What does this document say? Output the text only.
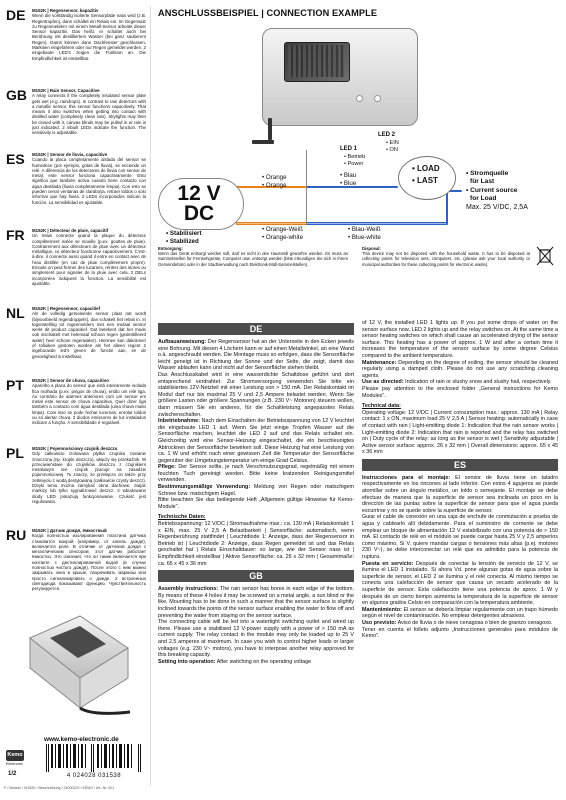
DE M152K | Regensensor, kapazitiv
Wenn die vollständig isolierte Sensorplatte nass wird (z.B. Regentropfen), dann schaltet ein Relais ein. Im Gegensatz zu Regenmeldern mit einem Metall-Sensor arbeitet dieser Sensor kapazitiv. Das heißt, er schaltet auch bei Berührung mit destilliertem Wasser (bei ganz sauberem Regen). Damit können dann Dachfenster geschlossen, Markisen eingefahren oder nur Regen gemeldet werden. 2 eingebaute LED's zeigen die Funktion an. Die Empfindlichkeit ist einstellbar.
GB M152K | Rain Sensor, Capacitive
A relay connects if the completely insulated sensor plate gets wet (e.g. raindrops). In contrast to rain detectors with a metallic sensor, this sensor functions capacitively. That means it also switches when getting into contact with distilled water (completely clean rain). Skylights may then be closed with it, canvas blinds may be pulled in or rain is just indicated. 2 inbuilt LEDs indicate the function. The sensitivity is adjustable.
ES M152K | Sensor de lluvia, capacitive
Cuando la placa completamente aislada del sensor se humedece (por ejemplo, gotas de lluvia), se enciende un relé. A diferencia de los detectores de lluvia con sensor de metal, este sensor funciona capacitivamente. Esto significa que también activa cuando tiene contacto con agua destilada (lluvia completamente limpia). Con esto se pueden cerrar ventanas de claraboya, retraer toldos o solo informar que hay lluvia. 2 LEDs incorporados indican la función. La sensibilidad es ajustable.
FR M152K | Détecteur de pluie, capacitif
Un relais connecte quand la plaque du détecteur complètement isolée se mouille (p.ex. gouttes de pluie). Contrairement aux détecteurs de pluie avec un détecteur métallique, ce détecteur fonctionne capacitivement. C'est-à-dire, il connecte aussi quand il entre en contact avec de l'eau distillée (en cas de pluie complètement propre). Ensuite on peut fermer des lucarnes, rentrer des stores ou simplement pour signaler de la pluie avec cela. 2 DELs incorporées indiquent la fonction. La sensibilité est ajustable.
NL M152K | Regensensor, capacitief
Als de volledig geïsoleerde sensor plaat nat wordt (bijvoorbeeld regendruppels), dan schakelt het relais in. In tegenstelling tot regenmelders met een metaal sensor werkt dit product capacitief. Dat betekent dat het mede ook inschakelt met helemaal schoon regen (gedestilleerd water) heel schoon regenwater). Hiermee kan dakramen of rolluiken gesloten worden als het alleen regent 2 ingebouwde led's geven de functie aan, en de gevoeligheid is instelbaar.
PT M152K | Sensor de chuva, capacitivo
Aparelho a placa do sensor que está inteiramente isolada fica molhada (p.ex. pingos de chuva), então um relé liga. Ao contrário de alarmes anteriores com um sensor em metal este sensor de chuva capacitiva. Quer dizer liga também a contacto com água destilada (uma chuva muito limpa). Com isso se pode fechar lucernas, enrolar toldos ou só alertar chuva. 2 diodos emissores de luz instalados indicam a função. A sensibilidade é regulável.
PL M152K | Pojemnościowy czujnik deszczu
Gdy całkowicie izolowana płytka czujnika zostanie zmoczona (np. krople deszczu), włączy się przekaźnik. W przeciwieństwie do czujników deszczu z czujnikiem metalowym ten czujnik pracuje na zasadzie pojemnościowej. To znaczy, że przełącza on także przy zetknięciu z wodą destylowaną (całkowicie czysty deszcz). Dzięki temu można zamykać okna dachowe, zwijać markizy lub tylko sygnalizować deszcz. 2 wbudowane diody LED pokazują funkcjonowanie. Czułość jest regulowana.
RU M152K | Датчик дождя, ёмкостный
Когда полностью изолированная пластина датчика становится мокрой (например, от капель дождя), включается реле. В отличие от датчиков дождя с металлическим сенсором, этот датчик работает ёмкостно. Это означает, что он также включается при контакте с дистиллированной водой (в случае полностью чистого дождя). После этого с ним можно закрывать окна в крыше, сворачивать маркизы или просто сигнализировать о дожде. 2 встроенных светодиода показывают функцию. Чувствительность регулируется.
ANSCHLUSSBEISPIEL | CONNECTION EXAMPLE
LED 2
• EIN
• ON
LED 1
• Betrieb
• Power
12 V
DC
• Stabilisiert
• Stabilized
• Orange
• Orange
• Orange-Weiß
• Orange-white
• Blau
• Blue
• Blau-Weiß
• Blue-white
• LOAD
• LAST
• Stromquelle
für Last
• Current source
for Load
Max. 25 V/DC, 2,5A
Entsorgung:
Wenn das Gerät entsorgt werden soll, darf es nicht in den Hausmüll geworfen werden. Es muss an Sammelstellen für Fernsehgeräte, Computer usw. entsorgt werden (bitte erkundigen Sie sich in Ihrem Gemeindebüro oder in der Stadtverwaltung nach Elektronik-Müll-Sammelstellen).
Disposal:
This device may not be disposed with the household waste. It has to be disposed at collecting points for television sets, computers, etc. (please ask your local authority or municipal authorities for these collecting points for electronic waste).
DE

Aufbauanweisung: Der Regensensor hat an der Unterseite in den Ecken jeweils eine Bohrung. Mit diesen 4 Löchern kann er auf einen Metallwinkel, an eine Wand o.ä. angeschraubt werden. Die Montage muss so erfolgen, dass die Sensorfläche leicht geneigt ist in Richtung der Sonne und der Seite, die zeigt, damit das Wasser ablaufen kann und nicht auf der Sensorfläche stehen bleibt.

Das Anschlusskabel wird in eine wasserdichte Schaltdose geführt und dort entsprechend verdrahtet. Zur Stromversorgung verwenden Sie bitte ein stabilisiertes 12V-Netzteil mit einer Leistung von > 150 mA. Der Relaiskontakt im Modul darf nur bis maximal 25 V und 2,5 Ampere belastet werden. Wenn Sie größere Lasten oder größere Spannungen (z.B. 230 V~ Motoren) steuern wollen, dann müssen Sie ein anderes, für die Schaltleistung angepasstes Relais zwischenschalten.

Inbetriebnahme: Nach dem Einschalten der Betriebsspannung von 12 V leuchtet die eingebaute LED 1 auf. Wenn Sie jetzt einige Tropfen Wasser auf die Sensorfläche machen, leuchtet die LED 2 auf und das Relais schaltet ein. Gleichzeitig wird eine Sensor-Heizung eingeschaltet, die ein beschleunigtes Abtrocknen der Sensorfläche bewirken soll. Diese Heizung hat eine Leistung von ca. 1 W und erhöht nach einer gewissen Zeit die Temperatur der Sensorfläche gegenüber der Umgebungstemperatur um einige Grad Celsius.

Pflege: Der Sensor sollte, je nach Verschmutzungsgrad, regelmäßig mit einem feuchten Tuch gereinigt werden. Bitte keine kratzenden Reinigungsmittel verwenden.

Bestimmungsmäßige Verwendung: Meldung von Regen oder matschigem Schnee bzw. matschigem Hagel.

Bitte beachten Sie das beiliegende Heft „Allgemein gültige Hinweise für Kemo-Module".

Technische Daten:

Betriebsspannung: 12 V/DC | Stromaufnahme max.: ca. 130 mA | Relaiskontakt: 1 x EIN, max. 25 V 2,5 A Belastbarkeit | Sensorfläche: automatisch, wenn Regenberührung stattfindet | Leuchtdiode 1: Anzeige, dass der Regensensor in Betrieb ist | Leuchtdiode 2: Anzeige, dass Regen gemeldet ist und das Relais geschaltet hat | Relais Einschaltdauer: so lange, wie der Sensor nass ist | Empfindlichkeit einstellbar | Aktive Sensorfläche: ca. 26 x 32 mm | Gesamtmaße: ca. 65 x 45 x 36 mm

GB

Assembly instructions: The rain sensor has bores in each edge of the bottom. By means of these 4 holes it may be screwed on a metal angle, a sun blind or the like. Mounting has to be done in such a manner that the sensor surface is slightly inclined towards the points of the sensor surface enabling the water to flow off and preventing the water from staying on the sensor surface.

The connecting cable will be led into a watertight switching outlet and wired up there. Please use a stabilised 12 V-power supply with a power of > 150 mA as current supply. The relay contact in the module may only be loaded up to 25 V and 2,5 amperes at maximum. In case you wish to control higher loads or larger voltages (e.g. 230 V~ motors), you have to interpose another relay approved for this breaking capacity.

Setting into operation: After switching on the operating voltage

of 12 V, the installed LED 1 lights up. If you put some drops of water on the sensor surface now, LED 2 lights up and the relay switches on. At the same time a sensor heating switches on which shall cause an accelerated drying of the sensor surface. This heating has a power of approx. 1 W and after a certain time it increases the temperature of the sensor surface by some degree Celsius compared to the ambient temperature.

Maintenance: Depending on the degree of soiling, the sensor should be cleaned regularly using a damped cloth. Please do not use any scratching cleaning agents.

Use as directed: Indication of rain or slushy snow and slushy hail, respectively.

Please pay attention to the enclosed folder „General instructions for Kemo Modules".

Technical data:

Operating voltage: 12 V/DC | Current consumption max.: approx. 130 mA | Relay contact: 1 x ON, maximum load 25 V 2,5 A | Sensor heating: automatically in case of contact with rain | Light-emitting diode 1: Indication that the rain sensor works | Light-emitting diode 2: Indication that rain is reported and the relay has switched on | Duty cycle of the relay: as long as the sensor is wet | Sensitivity adjustable | Active sensor surface: approx. 26 x 32 mm | Overall dimensions: approx. 65 x 45 x 36 mm

ES

Instrucciones para el montaje: El sensor de lluvia tiene un taladro respectivamente en los rincones al lado inferior. Con estos 4 agujeros se puede atornillar sobre un ángulo metálico, un toldo o semejante. El montaje se debe efectuar de manera que la superficie de sensor sea inclinada un poco en la dirección de las puntas sobre la superficie de sensor para que el agua pueda escurrirse y no se quede sobre la superficie de sensor.

Guiar el cable de conexión en una caja de enchufe de conmutación a prueba de agua y cablearlo allí debidamente. Para el suministro de corriente se debe emplear un bloque de alimentación 12 V estabilizado con una potencia de > 150 mA. El contacto de relé en el módulo se puede cargar hasta 25 V y 2,5 amperios como máximo. Si V. quiere mandar cargas o tensiones más altas (p.ej. motores 230 V~), se debe interconectar un relé que es admitido para la potencia de ruptura.

Puesta en servicio: Después de conectar la tensión de servicio de 12 V, se ilumina el LED 1 instalado. Si ahora Vd. pone algunas gotas de agua sobre la superficie de sensor, el LED 2 se ilumina y el relé conecta. Al mismo tiempo se conecta una calefacción de sensor que causa un secado acelerado de la superficie de sensor. Esta calefacción tiene una potencia de aprox. 1 W y después de un cierto tiempo aumenta la temperatura de la superficie de sensor en algunos grados Celsio en comparación con la temperatura ambiente.

Mantenimiento: El sensor se debería limpiar regularmente con un trapo húmedo según el nivel de contaminación. No emplear detergentes abrasivos.

Uso previsto: Aviso de lluvia o de nieve cenagosa o bien de granizo cenagoso.

Tener en cuenta el folleto adjunto „Instrucciones generales para módulos de Kemo".

www.kemo-electronic.de
Kemo
Electronic
1/2	4 024028 031538
P / Module / M152K / Beschreibung / 24000223 / KEMO / Art.-Nr. 001
